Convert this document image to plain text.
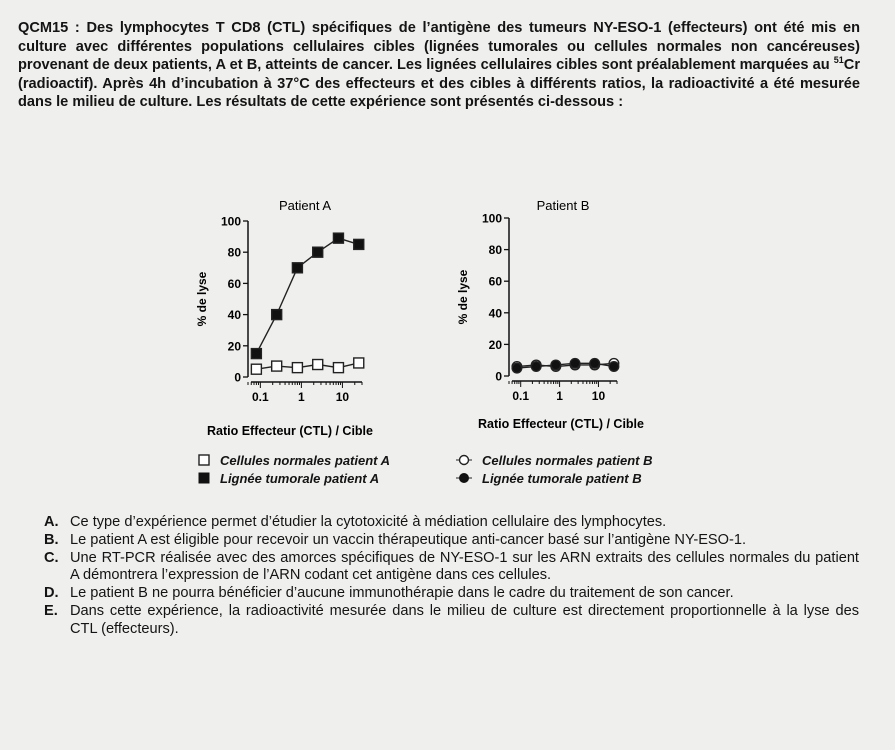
QCM15 : Des lymphocytes T CD8 (CTL) spécifiques de l’antigène des tumeurs NY-ESO-1 (effecteurs) ont été mis en culture avec différentes populations cellulaires cibles (lignées tumorales ou cellules normales non cancéreuses) provenant de deux patients, A et B, atteints de cancer. Les lignées cellulaires cibles sont préalablement marquées au $^{51}$Cr (radioactif). Après 4h d’incubation à 37°C des effecteurs et des cibles à différents ratios, la radioactivité a été mesurée dans le milieu de culture. Les résultats de cette expérience sont présentés ci-dessous :
Patient A
0
20
40
60
80
100
% de lyse
0.1 1	10
Ratio Effecteur (CTL) / Cible
Patient B
0
20
40
60
80
100
% de lyse
0.1 1 10
Ratio Effecteur (CTL) / Cible
Cellules normales patient A
Lignée tumorale patient A
Cellules normales patient B
Lignée tumorale patient B
A. Ce type d’expérience permet d’étudier la cytotoxicité à médiation cellulaire des lymphocytes.
B. Le patient A est éligible pour recevoir un vaccin thérapeutique anti-cancer basé sur l’antigène NY-ESO-1.
C. Une RT-PCR réalisée avec des amorces spécifiques de NY-ESO-1 sur les ARN extraits des cellules normales du patient A démontrera l’expression de l’ARN codant cet antigène dans ces cellules.
D. Le patient B ne pourra bénéficier d’aucune immunothérapie dans le cadre du traitement de son cancer.
E. Dans cette expérience, la radioactivité mesurée dans le milieu de culture est directement proportionnelle à la lyse des CTL (effecteurs).
